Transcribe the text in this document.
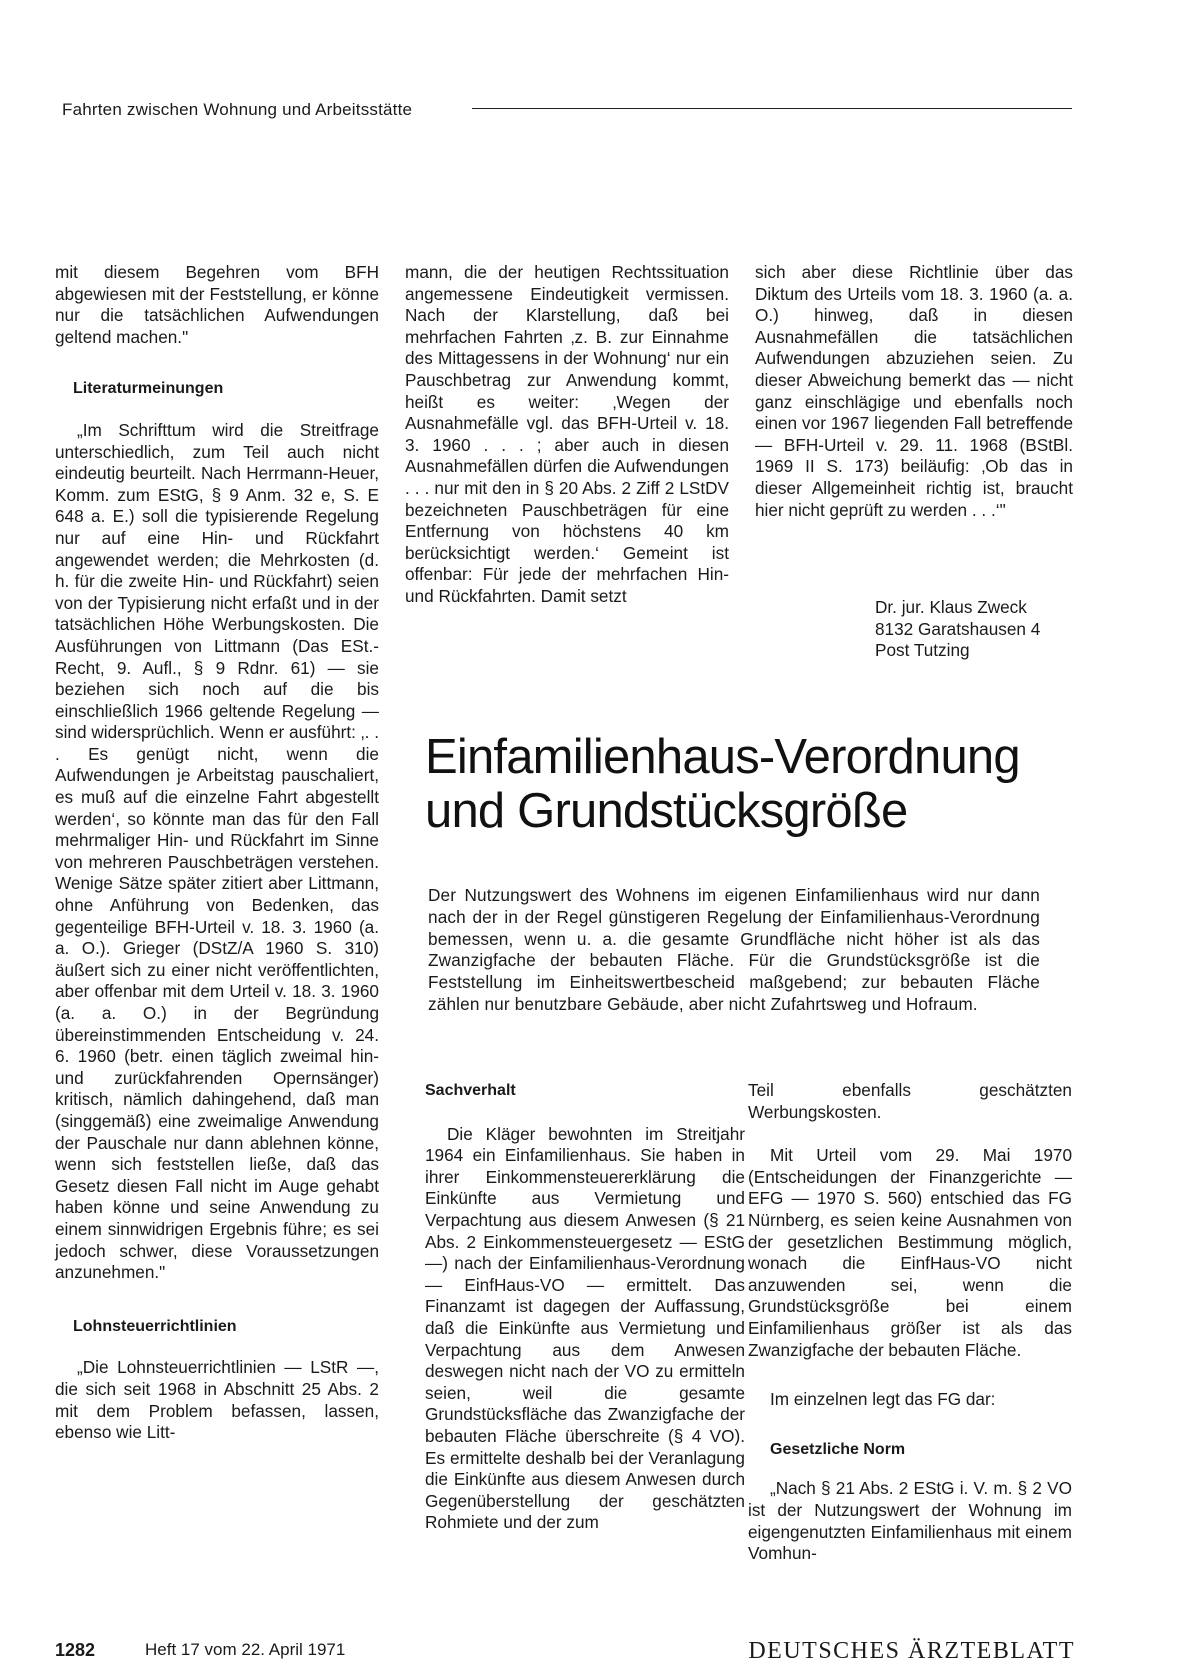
Fahrten zwischen Wohnung und Arbeitsstätte

mit diesem Begehren vom BFH abgewiesen mit der Feststellung, er könne nur die tatsächlichen Aufwendungen geltend machen."

Literaturmeinungen

„Im Schrifttum wird die Streitfrage unterschiedlich, zum Teil auch nicht eindeutig beurteilt. Nach Herrmann-Heuer, Komm. zum EStG, § 9 Anm. 32 e, S. E 648 a. E.) soll die typisierende Regelung nur auf eine Hin- und Rückfahrt angewendet werden; die Mehrkosten (d. h. für die zweite Hin- und Rückfahrt) seien von der Typisierung nicht erfaßt und in der tatsächlichen Höhe Werbungskosten. Die Ausführungen von Littmann (Das ESt.-Recht, 9. Aufl., § 9 Rdnr. 61) — sie beziehen sich noch auf die bis einschließlich 1966 geltende Regelung — sind widersprüchlich. Wenn er ausführt: ‚. . . Es genügt nicht, wenn die Aufwendungen je Arbeitstag pauschaliert, es muß auf die einzelne Fahrt abgestellt werden‘, so könnte man das für den Fall mehrmaliger Hin- und Rückfahrt im Sinne von mehreren Pauschbeträgen verstehen. Wenige Sätze später zitiert aber Littmann, ohne Anführung von Bedenken, das gegenteilige BFH-Urteil v. 18. 3. 1960 (a. a. O.). Grieger (DStZ/A 1960 S. 310) äußert sich zu einer nicht veröffentlichten, aber offenbar mit dem Urteil v. 18. 3. 1960 (a. a. O.) in der Begründung übereinstimmenden Entscheidung v. 24. 6. 1960 (betr. einen täglich zweimal hin- und zurückfahrenden Opernsänger) kritisch, nämlich dahingehend, daß man (singgemäß) eine zweimalige Anwendung der Pauschale nur dann ablehnen könne, wenn sich feststellen ließe, daß das Gesetz diesen Fall nicht im Auge gehabt haben könne und seine Anwendung zu einem sinnwidrigen Ergebnis führe; es sei jedoch schwer, diese Voraussetzungen anzunehmen."

Lohnsteuerrichtlinien

„Die Lohnsteuerrichtlinien — LStR —, die sich seit 1968 in Abschnitt 25 Abs. 2 mit dem Problem befassen, lassen, ebenso wie Litt-

mann, die der heutigen Rechtssituation angemessene Eindeutigkeit vermissen. Nach der Klarstellung, daß bei mehrfachen Fahrten ‚z. B. zur Einnahme des Mittagessens in der Wohnung‘ nur ein Pauschbetrag zur Anwendung kommt, heißt es weiter: ‚Wegen der Ausnahmefälle vgl. das BFH-Urteil v. 18. 3. 1960 . . . ; aber auch in diesen Ausnahmefällen dürfen die Aufwendungen . . . nur mit den in § 20 Abs. 2 Ziff 2 LStDV bezeichneten Pauschbeträgen für eine Entfernung von höchstens 40 km berücksichtigt werden.‘ Gemeint ist offenbar: Für jede der mehrfachen Hin- und Rückfahrten. Damit setzt

sich aber diese Richtlinie über das Diktum des Urteils vom 18. 3. 1960 (a. a. O.) hinweg, daß in diesen Ausnahmefällen die tatsächlichen Aufwendungen abzuziehen seien. Zu dieser Abweichung bemerkt das — nicht ganz einschlägige und ebenfalls noch einen vor 1967 liegenden Fall betreffende — BFH-Urteil v. 29. 11. 1968 (BStBl. 1969 II S. 173) beiläufig: ‚Ob das in dieser Allgemeinheit richtig ist, braucht hier nicht geprüft zu werden . . .‘"

Dr. jur. Klaus Zweck
8132 Garatshausen 4
Post Tutzing
Einfamilienhaus-Verordnung
und Grundstücksgröße

Der Nutzungswert des Wohnens im eigenen Einfamilienhaus wird nur dann nach der in der Regel günstigeren Regelung der Einfamilienhaus-Verordnung bemessen, wenn u. a. die gesamte Grundfläche nicht höher ist als das Zwanzigfache der bebauten Fläche. Für die Grundstücksgröße ist die Feststellung im Einheitswertbescheid maßgebend; zur bebauten Fläche zählen nur benutzbare Gebäude, aber nicht Zufahrtsweg und Hofraum.

Sachverhalt

Die Kläger bewohnten im Streitjahr 1964 ein Einfamilienhaus. Sie haben in ihrer Einkommensteuererklärung die Einkünfte aus Vermietung und Verpachtung aus diesem Anwesen (§ 21 Abs. 2 Einkommensteuergesetz — EStG —) nach der Einfamilienhaus-Verordnung — EinfHaus-VO — ermittelt. Das Finanzamt ist dagegen der Auffassung, daß die Einkünfte aus Vermietung und Verpachtung aus dem Anwesen deswegen nicht nach der VO zu ermitteln seien, weil die gesamte Grundstücksfläche das Zwanzigfache der bebauten Fläche überschreite (§ 4 VO). Es ermittelte deshalb bei der Veranlagung die Einkünfte aus diesem Anwesen durch Gegenüberstellung der geschätzten Rohmiete und der zum

Teil ebenfalls geschätzten Werbungskosten.

Mit Urteil vom 29. Mai 1970 (Entscheidungen der Finanzgerichte — EFG — 1970 S. 560) entschied das FG Nürnberg, es seien keine Ausnahmen von der gesetzlichen Bestimmung möglich, wonach die EinfHaus-VO nicht anzuwenden sei, wenn die Grundstücksgröße bei einem Einfamilienhaus größer ist als das Zwanzigfache der bebauten Fläche.

Im einzelnen legt das FG dar:

Gesetzliche Norm

„Nach § 21 Abs. 2 EStG i. V. m. § 2 VO ist der Nutzungswert der Wohnung im eigengenutzten Einfamilienhaus mit einem Vomhun-

1282	Heft 17 vom 22. April 1971	DEUTSCHES ÄRZTEBLATT
